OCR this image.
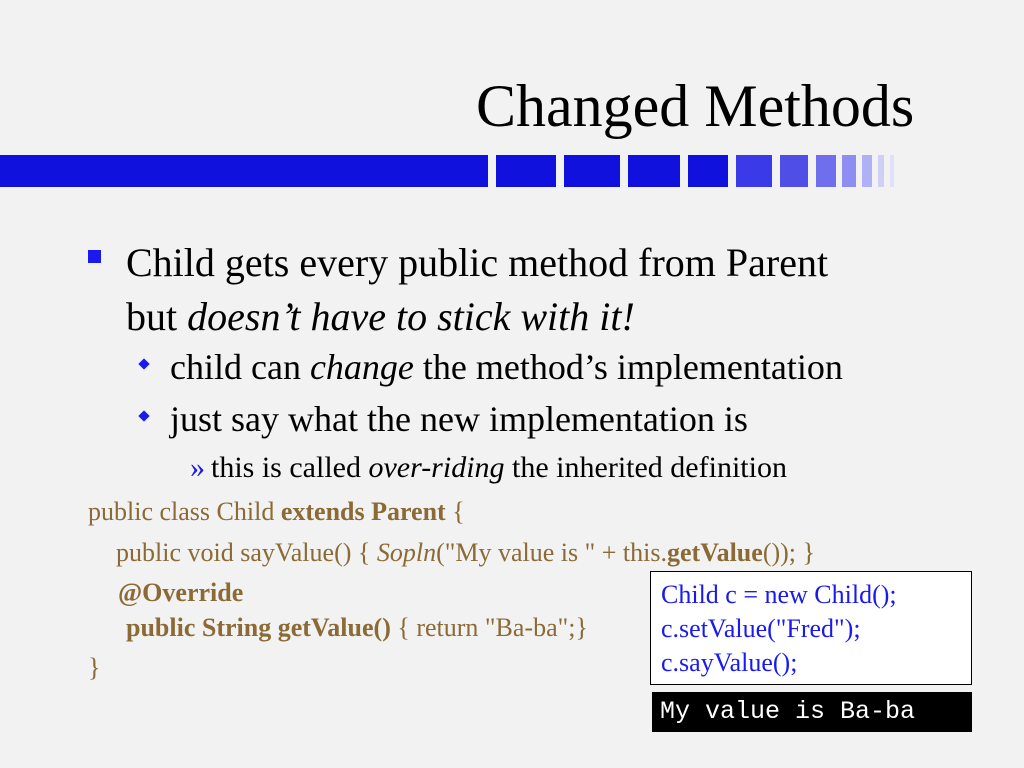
Changed Methods
Child gets every public method from Parent
but doesn’t have to stick with it!
child can change the method’s implementation
just say what the new implementation is
» this is called over-riding the inherited definition
public class Child extends Parent {
public void sayValue() { Sopln("My value is " + this.getValue()); }
@Override
public String getValue() { return "Ba-ba";}
}
Child c = new Child();
c.setValue("Fred");
c.sayValue();
My value is Ba-ba
